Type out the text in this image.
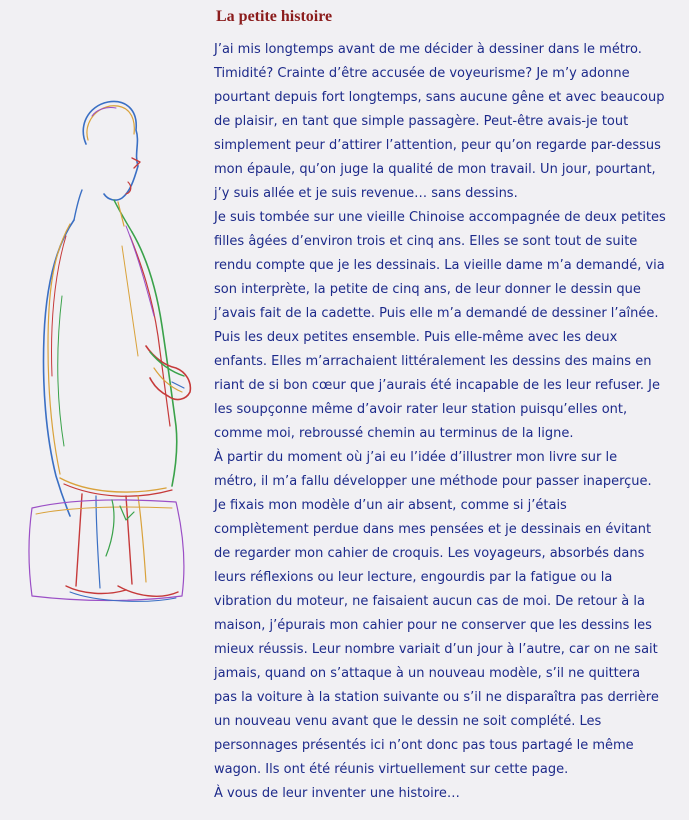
La petite histoire
J’ai mis longtemps avant de me décider à dessiner dans le métro.
Timidité? Crainte d’être accusée de voyeurisme? Je m’y adonne
pourtant depuis fort longtemps, sans aucune gêne et avec beaucoup
de plaisir, en tant que simple passagère. Peut-être avais-je tout
simplement peur d’attirer l’attention, peur qu’on regarde par-dessus
mon épaule, qu’on juge la qualité de mon travail. Un jour, pourtant,
j’y suis allée et je suis revenue… sans dessins.
Je suis tombée sur une vieille Chinoise accompagnée de deux petites
filles âgées d’environ trois et cinq ans. Elles se sont tout de suite
rendu compte que je les dessinais. La vieille dame m’a demandé, via
son interprète, la petite de cinq ans, de leur donner le dessin que
j’avais fait de la cadette. Puis elle m’a demandé de dessiner l’aînée.
Puis les deux petites ensemble. Puis elle-même avec les deux
enfants. Elles m’arrachaient littéralement les dessins des mains en
riant de si bon cœur que j’aurais été incapable de les leur refuser. Je
les soupçonne même d’avoir rater leur station puisqu’elles ont,
comme moi, rebroussé chemin au terminus de la ligne.
À partir du moment où j’ai eu l’idée d’illustrer mon livre sur le
métro, il m’a fallu développer une méthode pour passer inaperçue.
Je fixais mon modèle d’un air absent, comme si j’étais
complètement perdue dans mes pensées et je dessinais en évitant
de regarder mon cahier de croquis. Les voyageurs, absorbés dans
leurs réflexions ou leur lecture, engourdis par la fatigue ou la
vibration du moteur, ne faisaient aucun cas de moi. De retour à la
maison, j’épurais mon cahier pour ne conserver que les dessins les
mieux réussis. Leur nombre variait d’un jour à l’autre, car on ne sait
jamais, quand on s’attaque à un nouveau modèle, s’il ne quittera
pas la voiture à la station suivante ou s’il ne disparaîtra pas derrière
un nouveau venu avant que le dessin ne soit complété. Les
personnages présentés ici n’ont donc pas tous partagé le même
wagon. Ils ont été réunis virtuellement sur cette page.
À vous de leur inventer une histoire…
